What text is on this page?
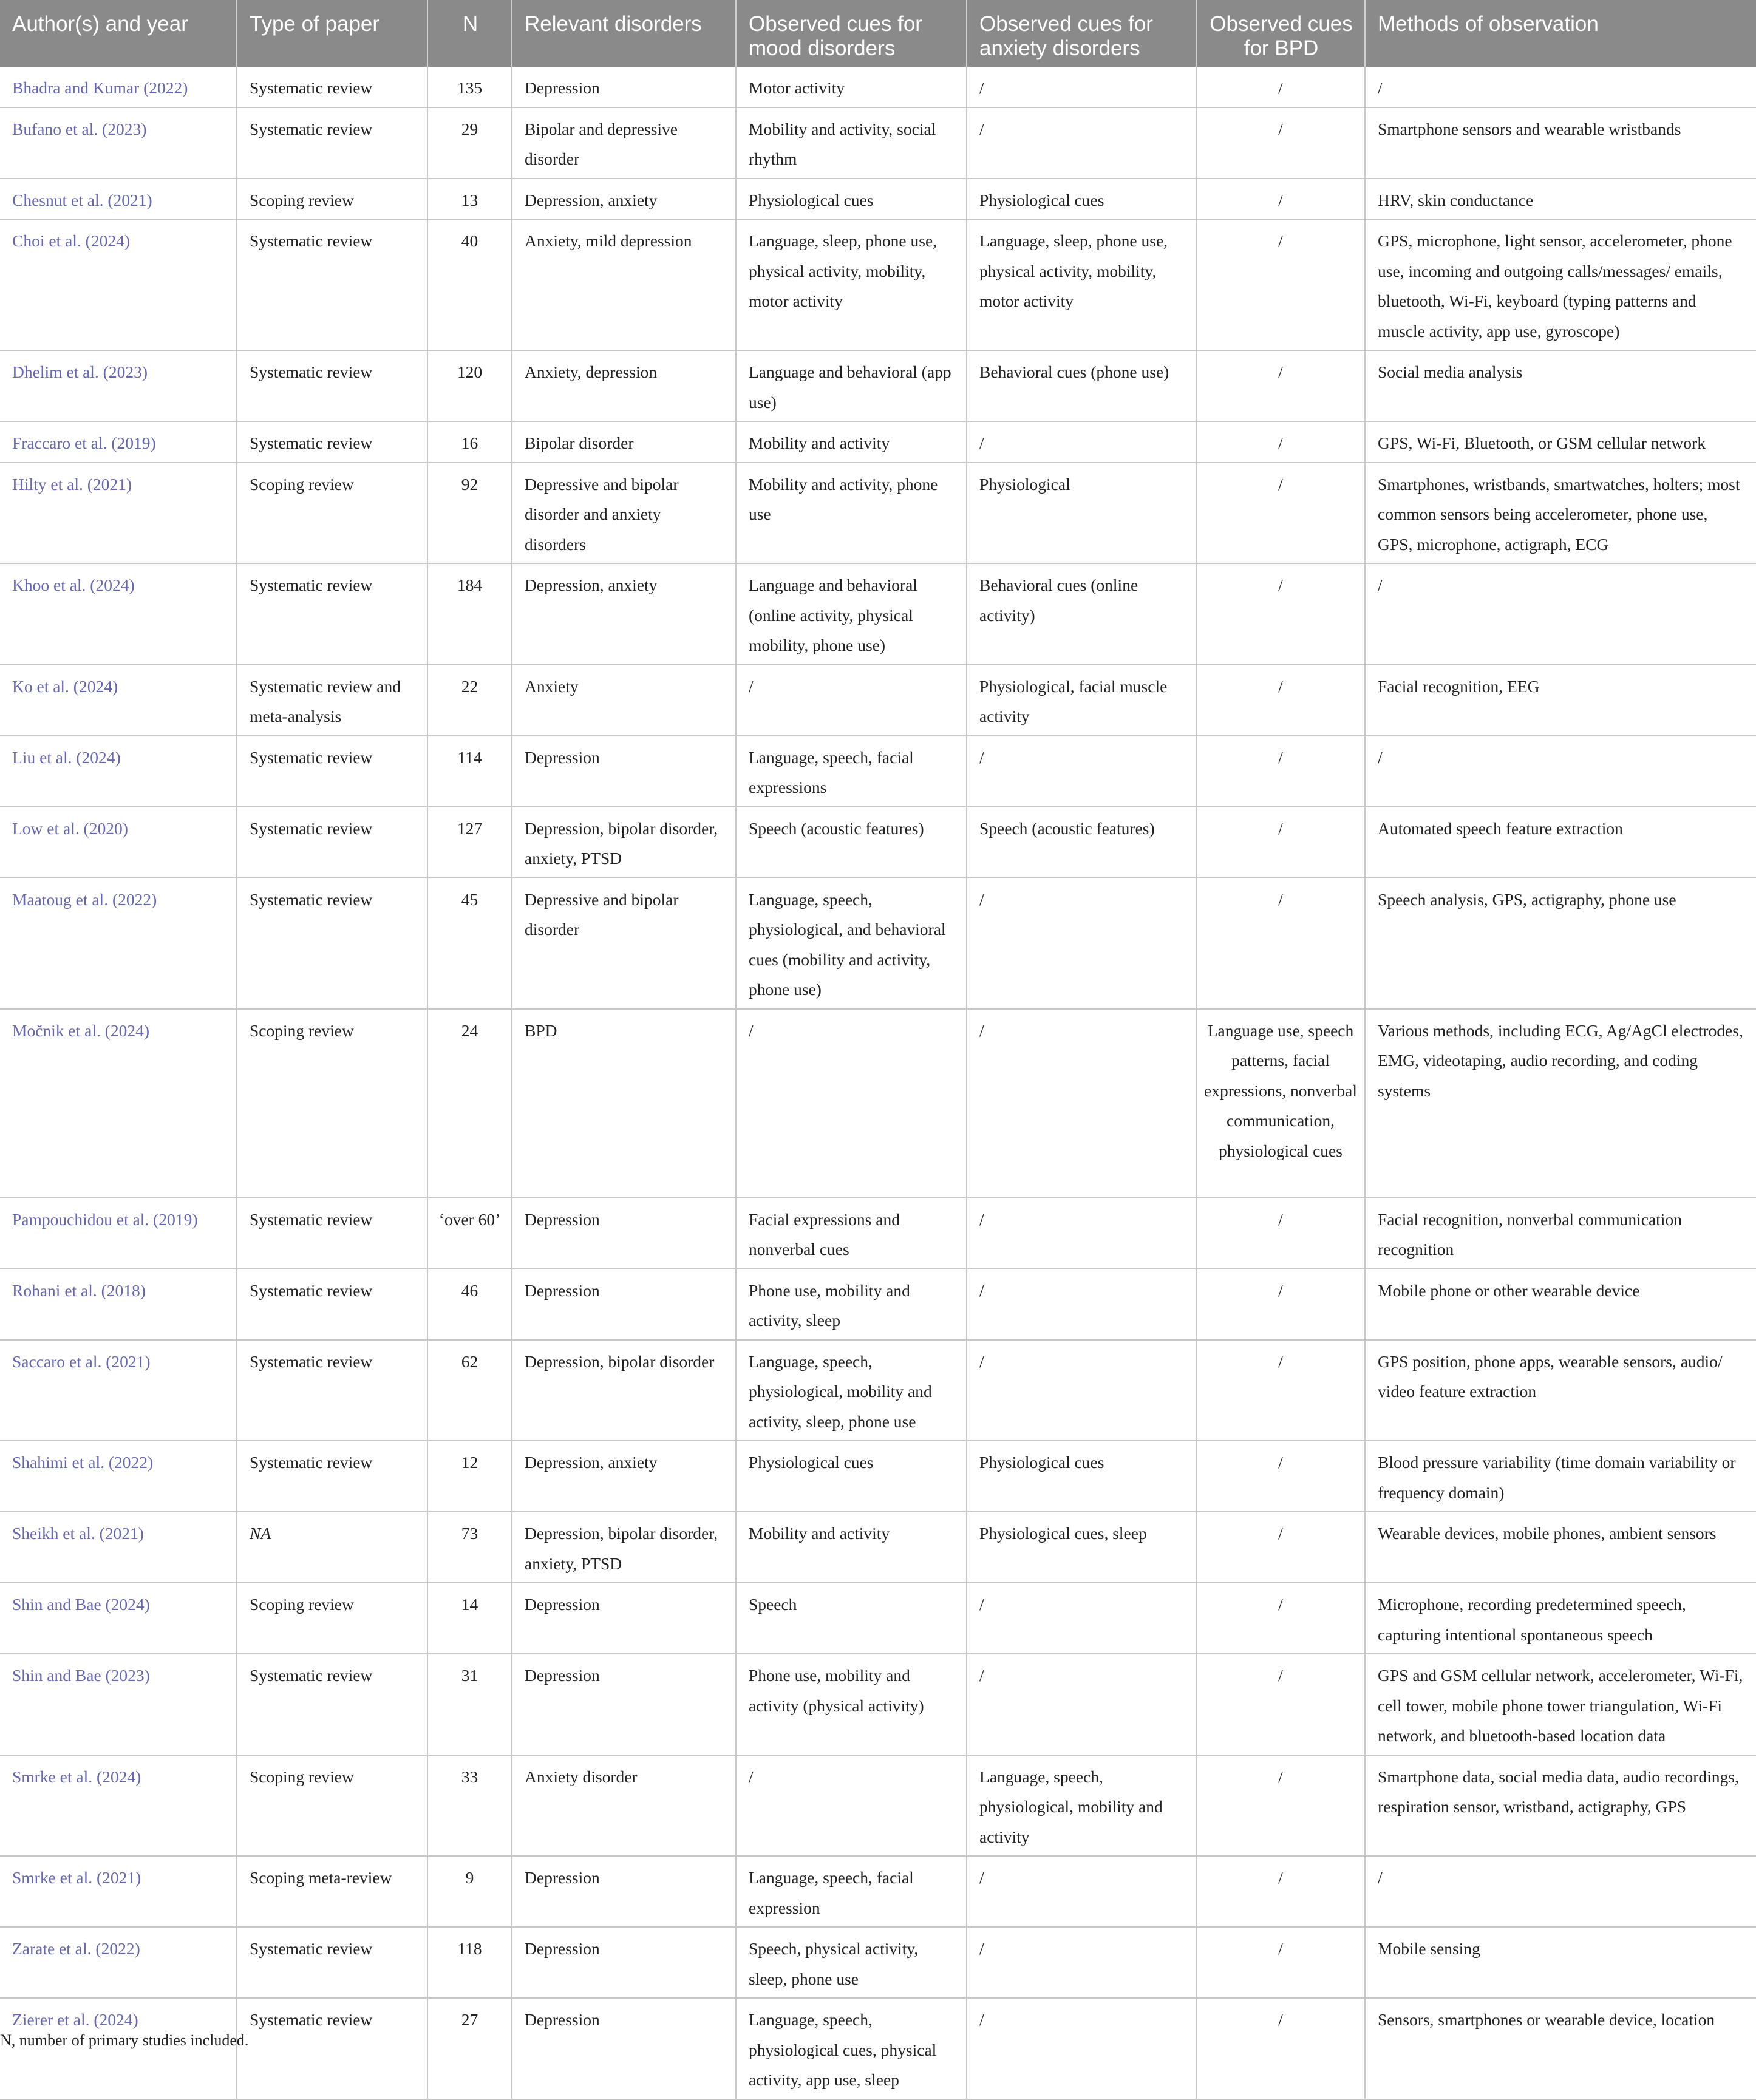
Author(s) and year	Type of paper	N	Relevant disorders	Observed cues for mood disorders	Observed cues for anxiety disorders	Observed cues for BPD	Methods of observation
Bhadra and Kumar (2022)	Systematic review	135	Depression	Motor activity	/	/	/
Bufano et al. (2023)	Systematic review	29	Bipolar and depressive disorder	Mobility and activity, social rhythm	/	/	Smartphone sensors and wearable wristbands
Chesnut et al. (2021)	Scoping review	13	Depression, anxiety	Physiological cues	Physiological cues	/	HRV, skin conductance
Choi et al. (2024)	Systematic review	40	Anxiety, mild depression	Language, sleep, phone use, physical activity, mobility, motor activity	Language, sleep, phone use, physical activity, mobility, motor activity	/	GPS, microphone, light sensor, accelerometer, phone use, incoming and outgoing calls/messages/ emails, bluetooth, Wi-Fi, keyboard (typing patterns and muscle activity, app use, gyroscope)
Dhelim et al. (2023)	Systematic review	120	Anxiety, depression	Language and behavioral (app use)	Behavioral cues (phone use)	/	Social media analysis
Fraccaro et al. (2019)	Systematic review	16	Bipolar disorder	Mobility and activity	/	/	GPS, Wi-Fi, Bluetooth, or GSM cellular network
Hilty et al. (2021)	Scoping review	92	Depressive and bipolar disorder and anxiety disorders	Mobility and activity, phone use	Physiological	/	Smartphones, wristbands, smartwatches, holters; most common sensors being accelerometer, phone use, GPS, microphone, actigraph, ECG
Khoo et al. (2024)	Systematic review	184	Depression, anxiety	Language and behavioral (online activity, physical mobility, phone use)	Behavioral cues (online activity)	/	/
Ko et al. (2024)	Systematic review and meta-analysis	22	Anxiety	/	Physiological, facial muscle activity	/	Facial recognition, EEG
Liu et al. (2024)	Systematic review	114	Depression	Language, speech, facial expressions	/	/	/
Low et al. (2020)	Systematic review	127	Depression, bipolar disorder, anxiety, PTSD	Speech (acoustic features)	Speech (acoustic features)	/	Automated speech feature extraction
Maatoug et al. (2022)	Systematic review	45	Depressive and bipolar disorder	Language, speech, physiological, and behavioral cues (mobility and activity, phone use)	/	/	Speech analysis, GPS, actigraphy, phone use
Močnik et al. (2024)	Scoping review	24	BPD	/	/	Language use, speech patterns, facial expressions, nonverbal communication, physiological cues	Various methods, including ECG, Ag/AgCl electrodes, EMG, videotaping, audio recording, and coding systems
Pampouchidou et al. (2019)	Systematic review	‘over 60’	Depression	Facial expressions and nonverbal cues	/	/	Facial recognition, nonverbal communication recognition
Rohani et al. (2018)	Systematic review	46	Depression	Phone use, mobility and activity, sleep	/	/	Mobile phone or other wearable device
Saccaro et al. (2021)	Systematic review	62	Depression, bipolar disorder	Language, speech, physiological, mobility and activity, sleep, phone use	/	/	GPS position, phone apps, wearable sensors, audio/ video feature extraction
Shahimi et al. (2022)	Systematic review	12	Depression, anxiety	Physiological cues	Physiological cues	/	Blood pressure variability (time domain variability or frequency domain)
Sheikh et al. (2021)	NA	73	Depression, bipolar disorder, anxiety, PTSD	Mobility and activity	Physiological cues, sleep	/	Wearable devices, mobile phones, ambient sensors
Shin and Bae (2024)	Scoping review	14	Depression	Speech	/	/	Microphone, recording predetermined speech, capturing intentional spontaneous speech
Shin and Bae (2023)	Systematic review	31	Depression	Phone use, mobility and activity (physical activity)	/	/	GPS and GSM cellular network, accelerometer, Wi-Fi, cell tower, mobile phone tower triangulation, Wi-Fi network, and bluetooth-based location data
Smrke et al. (2024)	Scoping review	33	Anxiety disorder	/	Language, speech, physiological, mobility and activity	/	Smartphone data, social media data, audio recordings, respiration sensor, wristband, actigraphy, GPS
Smrke et al. (2021)	Scoping meta-review	9	Depression	Language, speech, facial expression	/	/	/
Zarate et al. (2022)	Systematic review	118	Depression	Speech, physical activity, sleep, phone use	/	/	Mobile sensing
Zierer et al. (2024)	Systematic review	27	Depression	Language, speech, physiological cues, physical activity, app use, sleep	/	/	Sensors, smartphones or wearable device, location
N, number of primary studies included.
